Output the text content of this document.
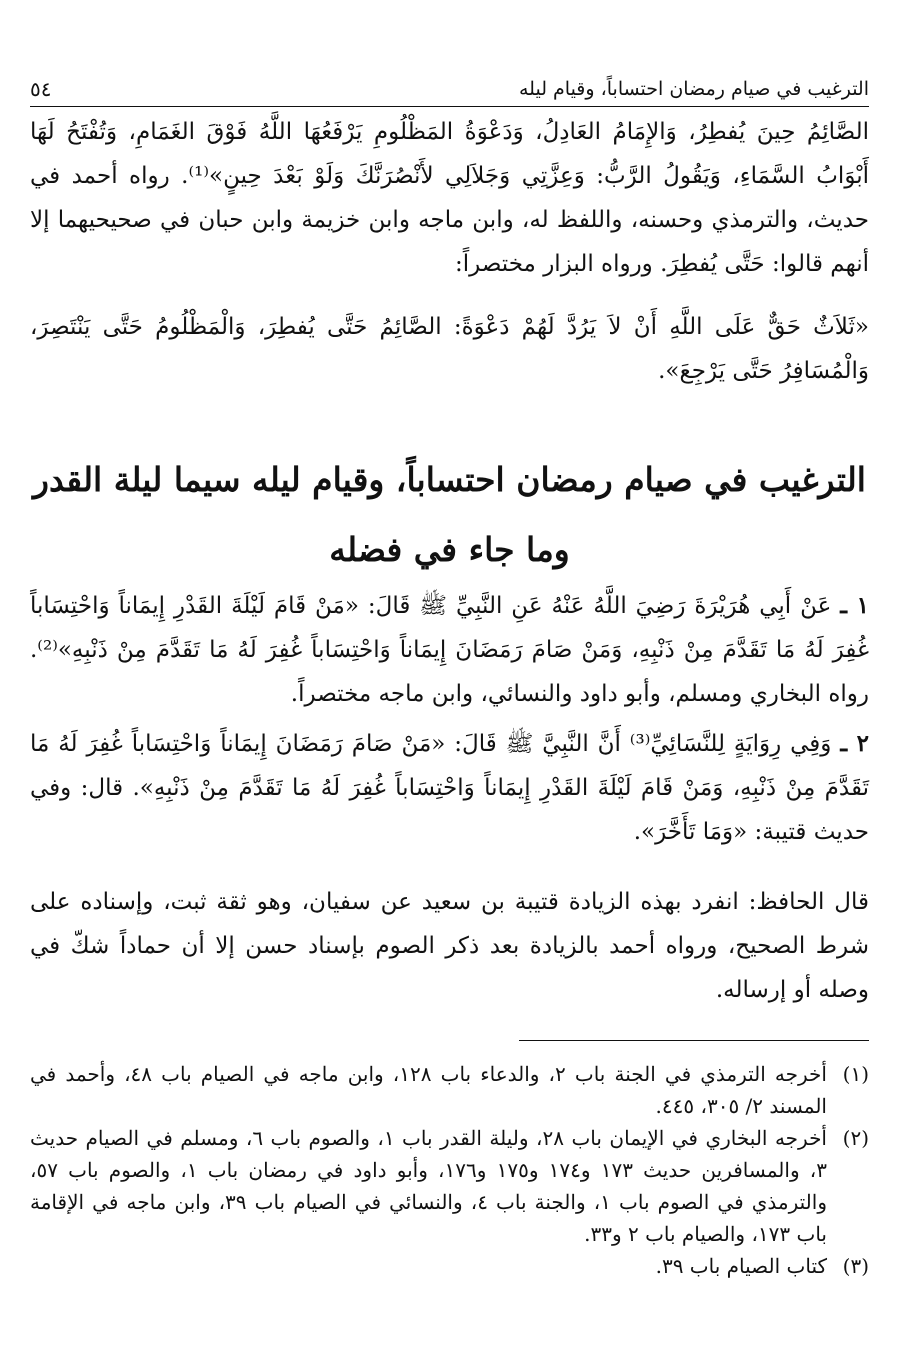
الترغيب في صيام رمضان احتساباً، وقيام ليله
٥٤

الصَّائِمُ حِينَ يُفطِرُ، وَالإِمَامُ العَادِلُ، وَدَعْوَةُ المَظْلُومِ يَرْفَعُهَا اللَّهُ فَوْقَ الغَمَامِ، وَتُفْتَحُ لَهَا أَبْوَابُ السَّمَاءِ، وَيَقُولُ الرَّبُّ: وَعِزَّتِي وَجَلاَلِي لأَنْصُرَنَّكَ وَلَوْ بَعْدَ حِينٍ»⁽¹⁾. رواه أحمد في حديث، والترمذي وحسنه، واللفظ له، وابن ماجه وابن خزيمة وابن حبان في صحيحيهما إلا أنهم قالوا: حَتَّى يُفطِرَ. ورواه البزار مختصراً:

«ثَلاَثٌ حَقٌّ عَلَى اللَّهِ أَنْ لاَ يَرُدَّ لَهُمْ دَعْوَةً: الصَّائِمُ حَتَّى يُفطِرَ، وَالْمَظْلُومُ حَتَّى يَنْتَصِرَ، وَالْمُسَافِرُ حَتَّى يَرْجِعَ».

الترغيب في صيام رمضان احتساباً، وقيام ليله سيما ليلة القدر
وما جاء في فضله

١ ـ عَنْ أَبِي هُرَيْرَةَ رَضِيَ اللَّهُ عَنْهُ عَنِ النَّبِيِّ ﷺ قَالَ: «مَنْ قَامَ لَيْلَةَ القَدْرِ إِيمَاناً وَاحْتِسَاباً غُفِرَ لَهُ مَا تَقَدَّمَ مِنْ ذَنْبِهِ، وَمَنْ صَامَ رَمَضَانَ إِيمَاناً وَاحْتِسَاباً غُفِرَ لَهُ مَا تَقَدَّمَ مِنْ ذَنْبِهِ»⁽²⁾. رواه البخاري ومسلم، وأبو داود والنسائي، وابن ماجه مختصراً.

٢ ـ وَفِي رِوَايَةٍ لِلنَّسَائِيِّ⁽³⁾ أَنَّ النَّبِيَّ ﷺ قَالَ: «مَنْ صَامَ رَمَضَانَ إِيمَاناً وَاحْتِسَاباً غُفِرَ لَهُ مَا تَقَدَّمَ مِنْ ذَنْبِهِ، وَمَنْ قَامَ لَيْلَةَ القَدْرِ إِيمَاناً وَاحْتِسَاباً غُفِرَ لَهُ مَا تَقَدَّمَ مِنْ ذَنْبِهِ». قال: وفي حديث قتيبة: «وَمَا تَأَخَّرَ».

قال الحافظ: انفرد بهذه الزيادة قتيبة بن سعيد عن سفيان، وهو ثقة ثبت، وإسناده على شرط الصحيح، ورواه أحمد بالزيادة بعد ذكر الصوم بإسناد حسن إلا أن حماداً شكّ في وصله أو إرساله.

(١)
أخرجه الترمذي في الجنة باب ٢، والدعاء باب ١٢٨، وابن ماجه في الصيام باب ٤٨، وأحمد في المسند ٢/ ٣٠٥، ٤٤٥.
(٢)
أخرجه البخاري في الإيمان باب ٢٨، وليلة القدر باب ١، والصوم باب ٦، ومسلم في الصيام حديث ٣، والمسافرين حديث ١٧٣ و١٧٤ و١٧٥ و١٧٦، وأبو داود في رمضان باب ١، والصوم باب ٥٧، والترمذي في الصوم باب ١، والجنة باب ٤، والنسائي في الصيام باب ٣٩، وابن ماجه في الإقامة باب ١٧٣، والصيام باب ٢ و٣٣.
(٣)
كتاب الصيام باب ٣٩.
